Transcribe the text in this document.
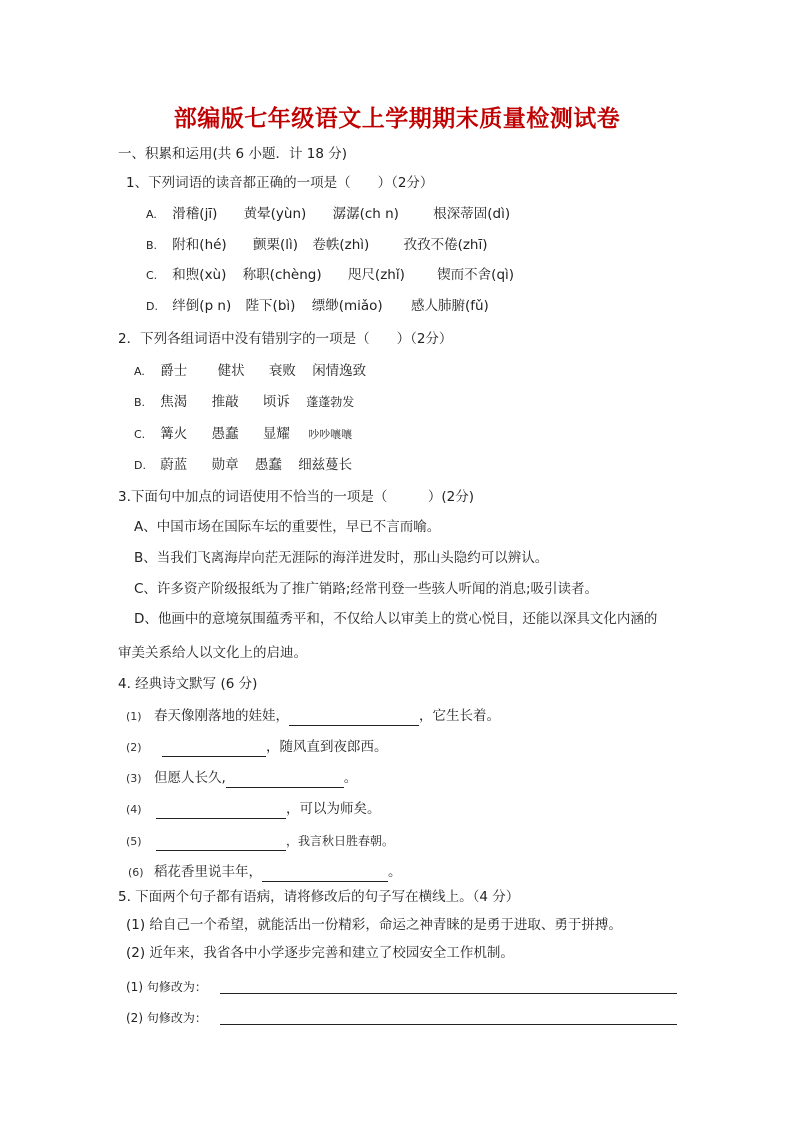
部编版七年级语文上学期期末质量检测试卷
一、积累和运用(共 6 小题．计 18 分)
1、下列词语的读音都正确的一项是（　　）（2分）
A. 滑稽(jī) 黄晕(yùn) 潺潺(ch n)	根深蒂固(dì)
B. 附和(hé) 颤栗(lì) 卷帙(zhì)	孜孜不倦(zhī)
C. 和煦(xù) 称职(chèng) 咫尺(zhǐ) 锲而不舍(qì)
D. 绊倒(p n) 陛下(bì) 缥缈(miǎo) 感人肺腑(fǔ)
2．下列各组词语中没有错别字的一项是（　　）（2分）
A. 爵士 健状 衰败 闲情逸致
B. 焦渴 推敲 顷诉 蓬蓬勃发
C. 篝火 愚蠢 显耀 吵吵嚷嚷
D. 蔚蓝 勋章 愚蠢 细兹蔓长
3.下面句中加点的词语使用不恰当的一项是（　　　）(2分)
A、中国市场在国际车坛的重要性，早已不言而喻。
B、当我们飞离海岸向茫无涯际的海洋进发时，那山头隐约可以辨认。
C、许多资产阶级报纸为了推广销路;经常刊登一些骇人听闻的消息;吸引读者。
D、他画中的意境氛围蕴秀平和，不仅给人以审美上的赏心悦目，还能以深具文化内涵的
审美关系给人以文化上的启迪。
4. 经典诗文默写 (6 分)
(1) 春天像刚落地的娃娃，	，它生长着。
(2)	，随风直到夜郎西。
(3) 但愿人长久,	。
(4)	，可以为师矣。
(5)	，我言秋日胜春朝。
(6) 稻花香里说丰年，	。
5. 下面两个句子都有语病，请将修改后的句子写在横线上。（4 分）
(1) 给自己一个希望，就能活出一份精彩，命运之神青睐的是勇于进取、勇于拼搏。
(2) 近年来，我省各中小学逐步完善和建立了校园安全工作机制。
(1) 句修改为：
(2) 句修改为：
